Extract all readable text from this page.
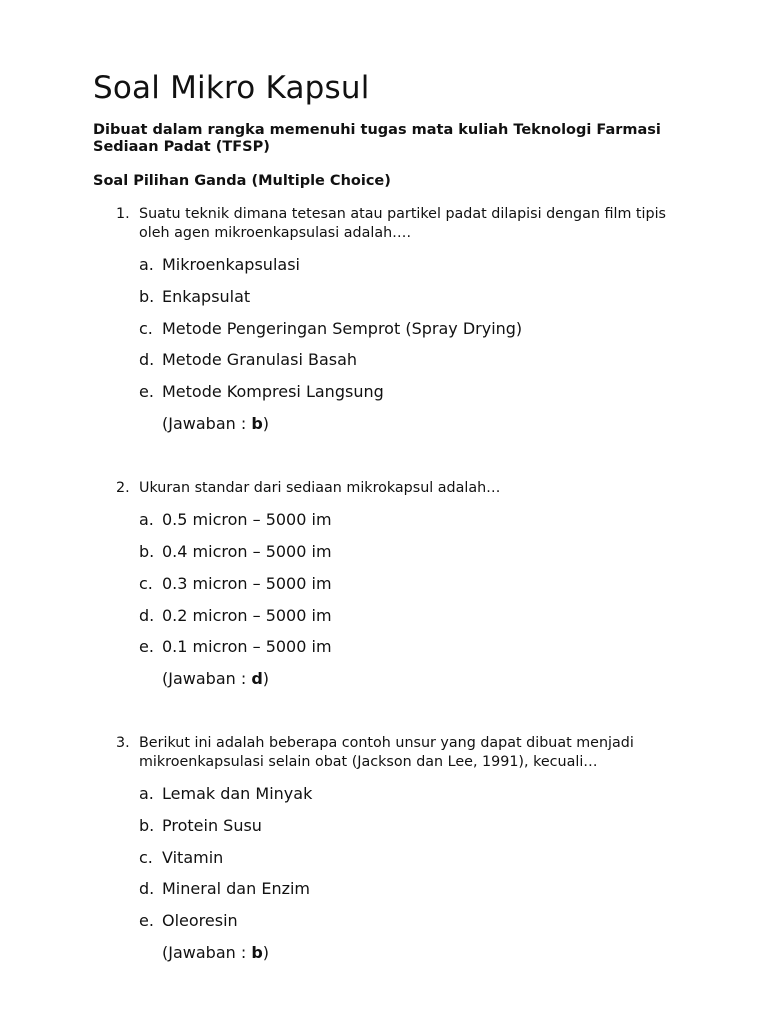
Soal Mikro Kapsul

Dibuat dalam rangka memenuhi tugas mata kuliah Teknologi Farmasi Sediaan Padat (TFSP)

Soal Pilihan Ganda (Multiple Choice)

1. Suatu teknik dimana tetesan atau partikel padat dilapisi dengan film tipis oleh agen mikroenkapsulasi adalah….
a. Mikroenkapsulasi
b. Enkapsulat
c. Metode Pengeringan Semprot (Spray Drying)
d. Metode Granulasi Basah
e. Metode Kompresi Langsung
(Jawaban : b)
2. Ukuran standar dari sediaan mikrokapsul adalah…
a. 0.5 micron – 5000 im
b. 0.4 micron – 5000 im
c. 0.3 micron – 5000 im
d. 0.2 micron – 5000 im
e. 0.1 micron – 5000 im
(Jawaban : d)
3. Berikut ini adalah beberapa contoh unsur yang dapat dibuat menjadi mikroenkapsulasi selain obat (Jackson dan Lee, 1991), kecuali…
a. Lemak dan Minyak
b. Protein Susu
c. Vitamin
d. Mineral dan Enzim
e. Oleoresin
(Jawaban : b)
